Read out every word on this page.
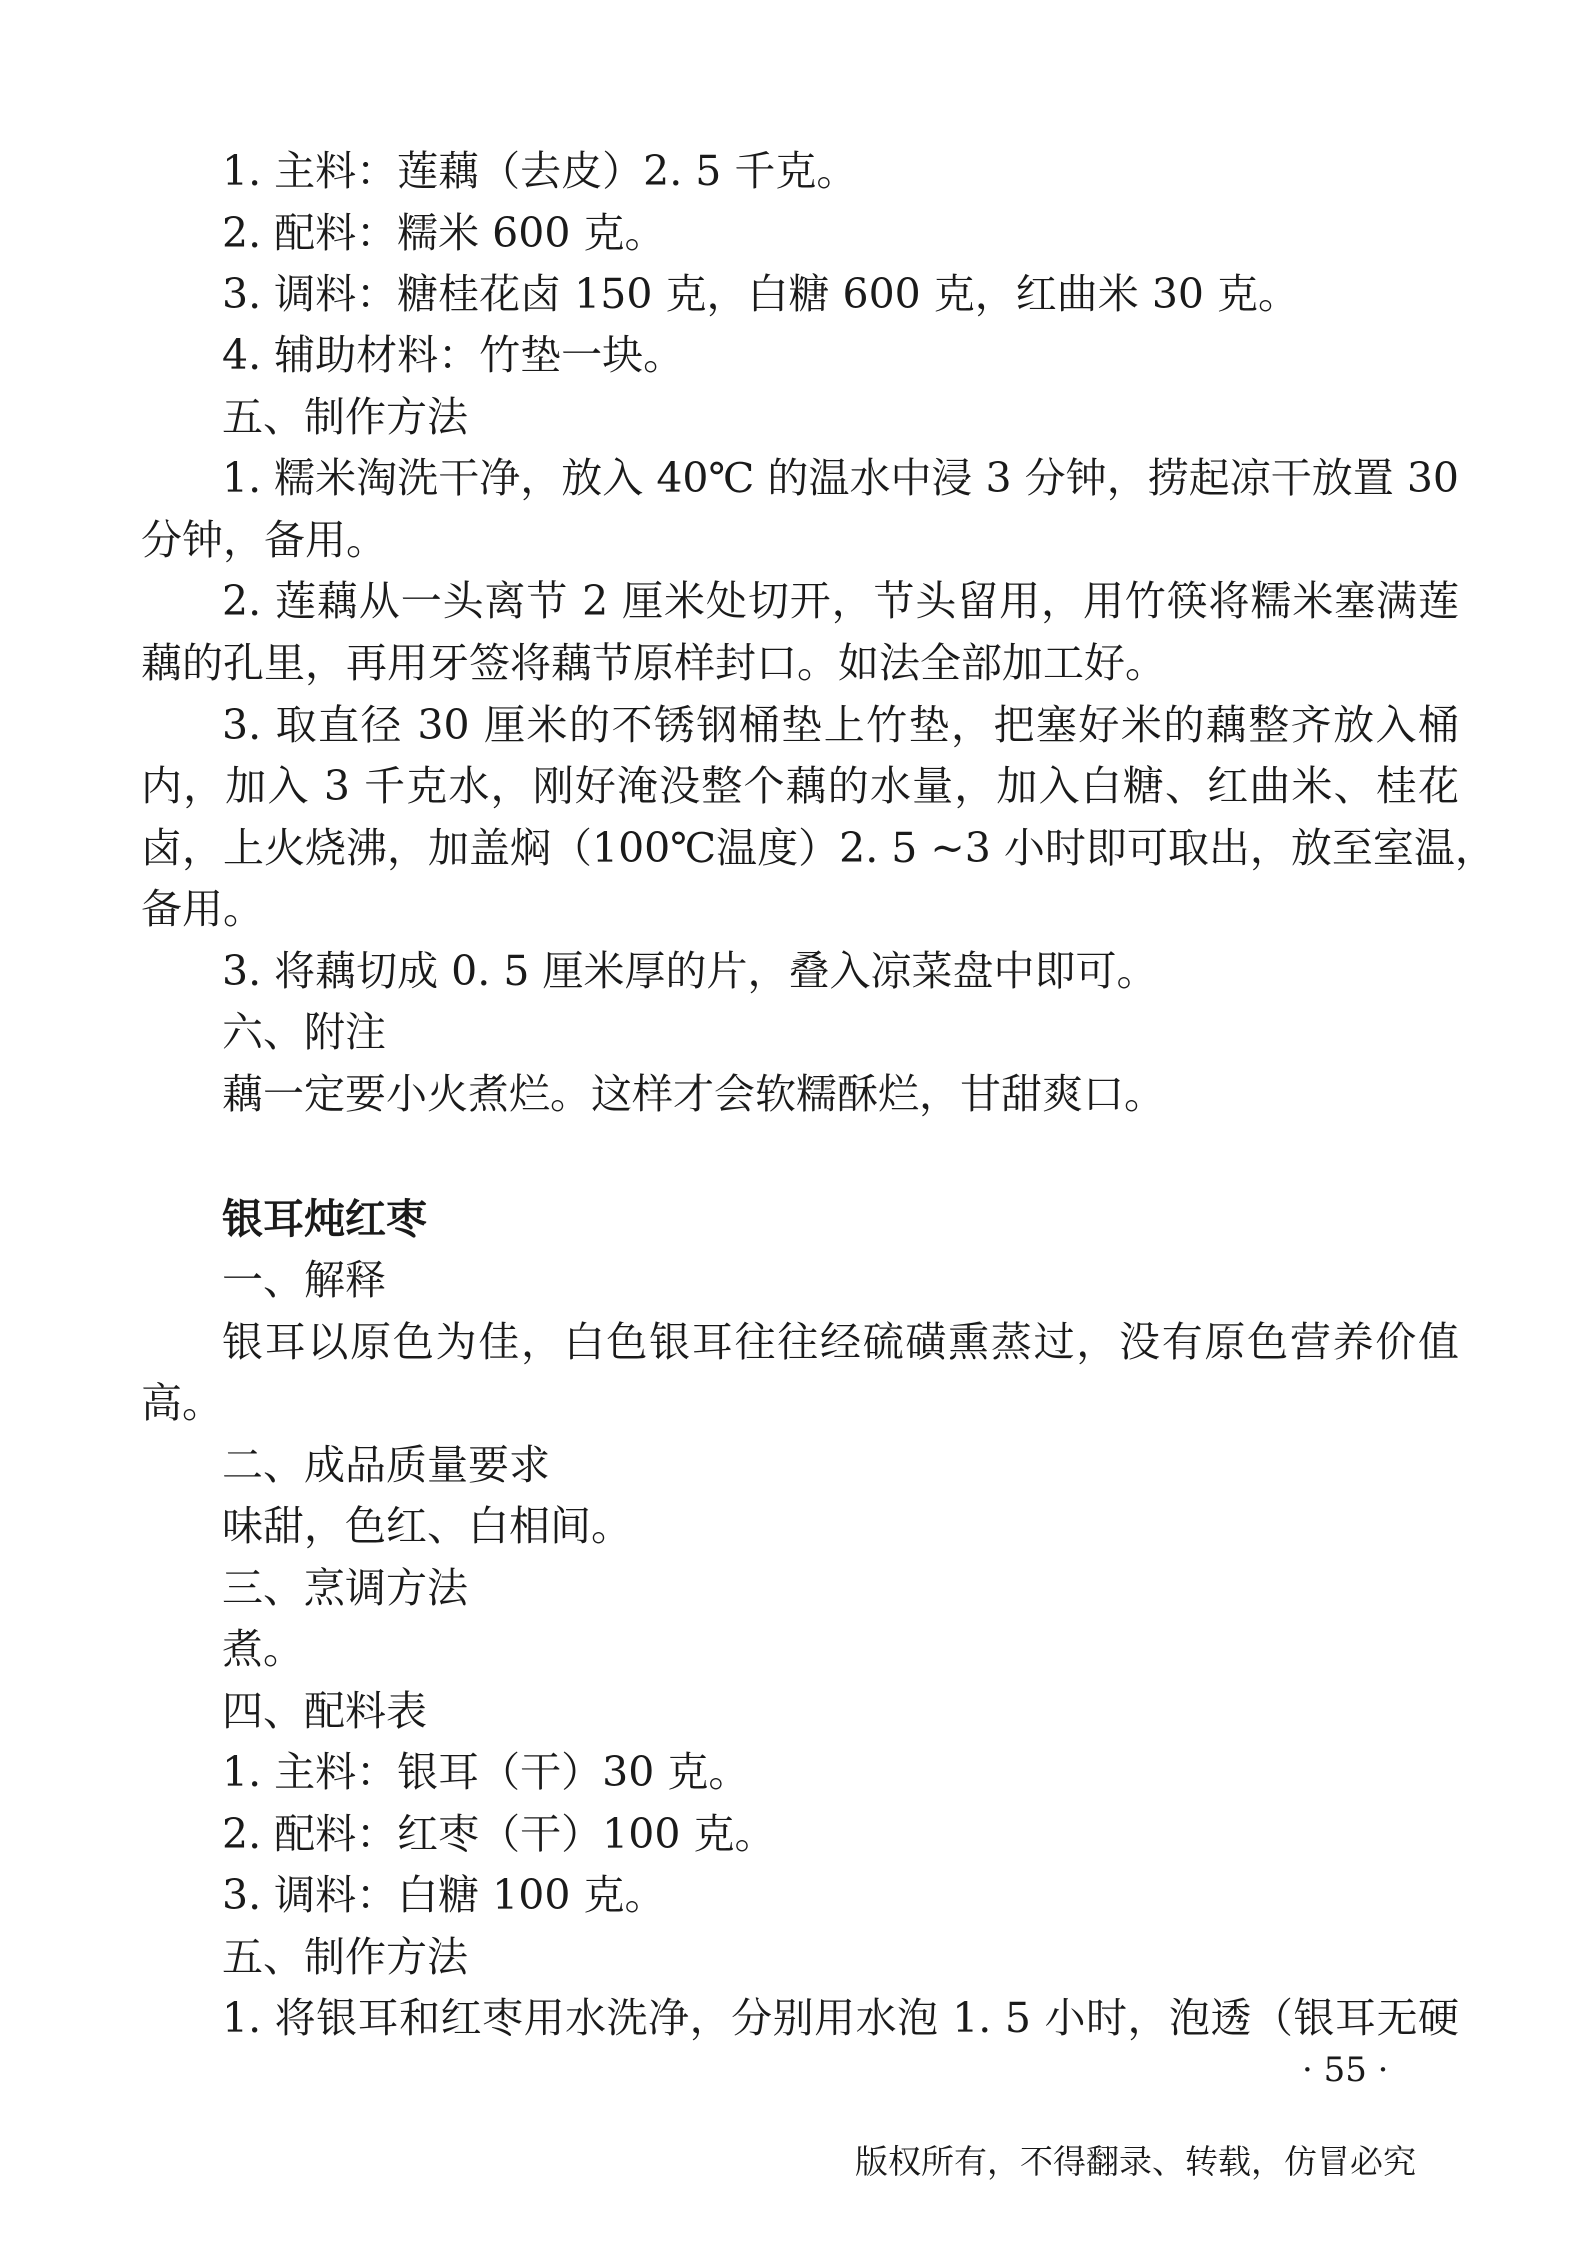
1. 主料：莲藕（去皮）2. 5 千克。
2. 配料：糯米 600 克。
3. 调料：糖桂花卤 150 克，白糖 600 克，红曲米 30 克。
4. 辅助材料：竹垫一块。
五、制作方法
1. 糯米淘洗干净，放入 40℃ 的温水中浸 3 分钟，捞起凉干放置 30
分钟，备用。
2. 莲藕从一头离节 2 厘米处切开，节头留用，用竹筷将糯米塞满莲
藕的孔里，再用牙签将藕节原样封口。如法全部加工好。
3. 取直径 30 厘米的不锈钢桶垫上竹垫，把塞好米的藕整齐放入桶
内，加入 3 千克水，刚好淹没整个藕的水量，加入白糖、红曲米、桂花
卤，上火烧沸，加盖焖（100℃温度）2. 5 ~3 小时即可取出，放至室温，
备用。
3. 将藕切成 0. 5 厘米厚的片，叠入凉菜盘中即可。
六、附注
藕一定要小火煮烂。这样才会软糯酥烂，甘甜爽口。
银耳炖红枣
一、解释
银耳以原色为佳，白色银耳往往经硫磺熏蒸过，没有原色营养价值
高。
二、成品质量要求
味甜，色红、白相间。
三、烹调方法
煮。
四、配料表
1. 主料：银耳（干）30 克。
2. 配料：红枣（干）100 克。
3. 调料：白糖 100 克。
五、制作方法
1. 将银耳和红枣用水洗净，分别用水泡 1. 5 小时，泡透（银耳无硬
· 55 ·
版权所有，不得翻录、转载，仿冒必究
